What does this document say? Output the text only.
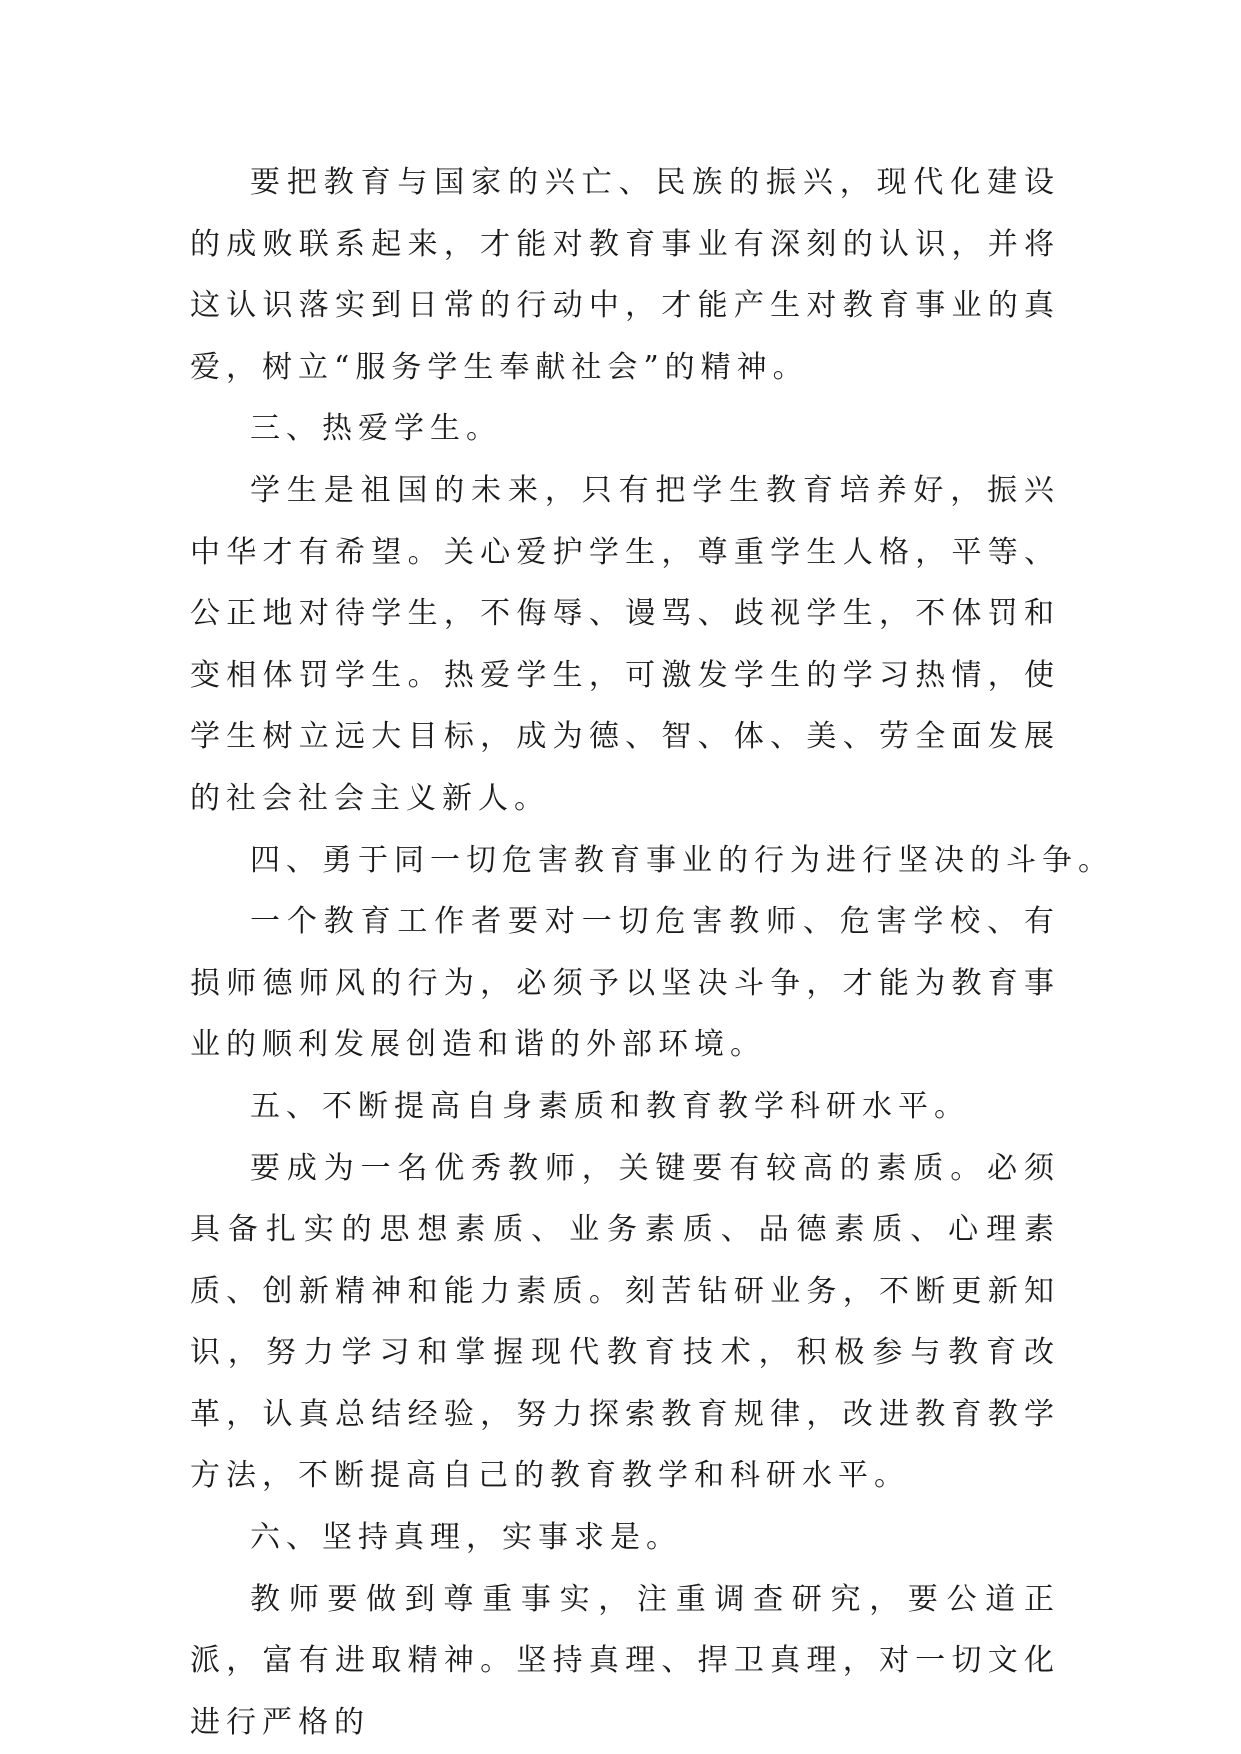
要把教育与国家的兴亡、民族的振兴，现代化建设的成败联系起来，才能对教育事业有深刻的认识，并将这认识落实到日常的行动中，才能产生对教育事业的真爱，树立“服务学生奉献社会”的精神。

三、热爱学生。

学生是祖国的未来，只有把学生教育培养好，振兴中华才有希望。关心爱护学生，尊重学生人格，平等、公正地对待学生，不侮辱、谩骂、歧视学生，不体罚和变相体罚学生。热爱学生，可激发学生的学习热情，使学生树立远大目标，成为德、智、体、美、劳全面发展的社会社会主义新人。

四、勇于同一切危害教育事业的行为进行坚决的斗争。

一个教育工作者要对一切危害教师、危害学校、有损师德师风的行为，必须予以坚决斗争，才能为教育事业的顺利发展创造和谐的外部环境。

五、不断提高自身素质和教育教学科研水平。

要成为一名优秀教师，关键要有较高的素质。必须具备扎实的思想素质、业务素质、品德素质、心理素质、创新精神和能力素质。刻苦钻研业务，不断更新知识，努力学习和掌握现代教育技术，积极参与教育改革，认真总结经验，努力探索教育规律，改进教育教学方法，不断提高自己的教育教学和科研水平。

六、坚持真理，实事求是。

教师要做到尊重事实，注重调查研究，要公道正派，富有进取精神。坚持真理、捍卫真理，对一切文化进行严格的
